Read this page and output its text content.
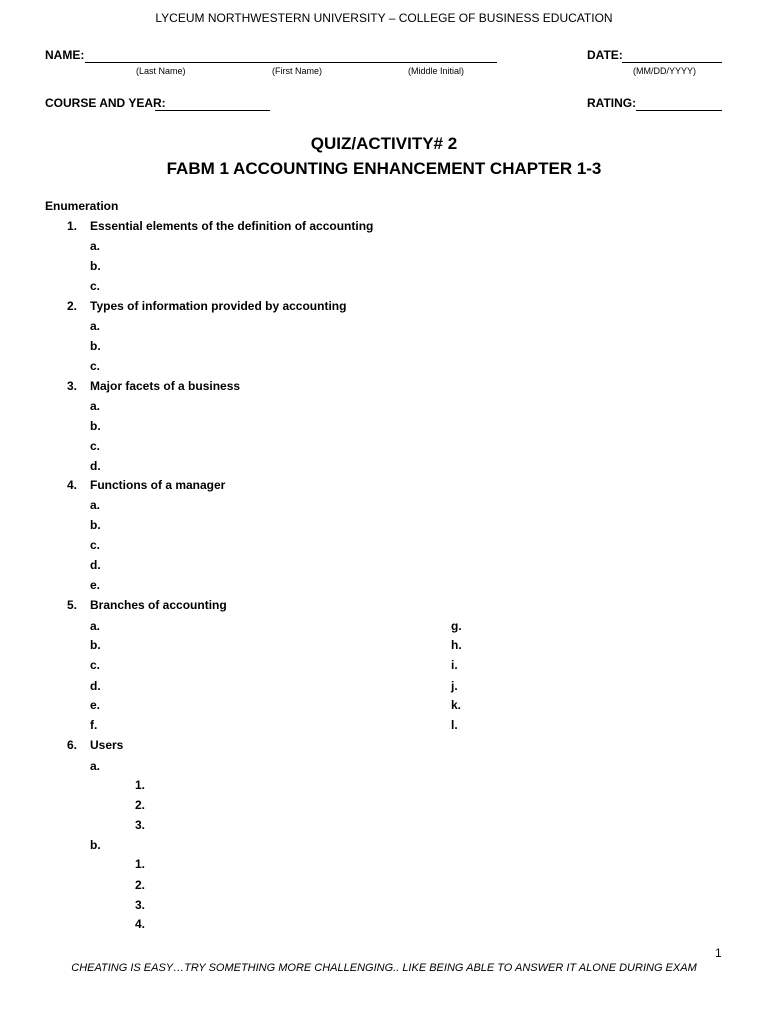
LYCEUM NORTHWESTERN UNIVERSITY – COLLEGE OF BUSINESS EDUCATION
NAME:
(Last Name)	(First Name)	(Middle Initial)
DATE:
(MM/DD/YYYY)
COURSE AND YEAR:	RATING:
QUIZ/ACTIVITY# 2
FABM 1 ACCOUNTING ENHANCEMENT CHAPTER 1-3
Enumeration
1. Essential elements of the definition of accounting
a.
b.
c.
2. Types of information provided by accounting
a.
b.
c.
3. Major facets of a business
a.
b.
c.
d.
4. Functions of a manager
a.
b.
c.
d.
e.
5. Branches of accounting
a.
b.
c.
d.
e.
f.
g.
h.
i.
j.
k.
l.
6. Users
a.
1.
2.
3.
b.
1.
2.
3.
4.
1
CHEATING IS EASY…TRY SOMETHING MORE CHALLENGING.. LIKE BEING ABLE TO ANSWER IT ALONE DURING EXAM
